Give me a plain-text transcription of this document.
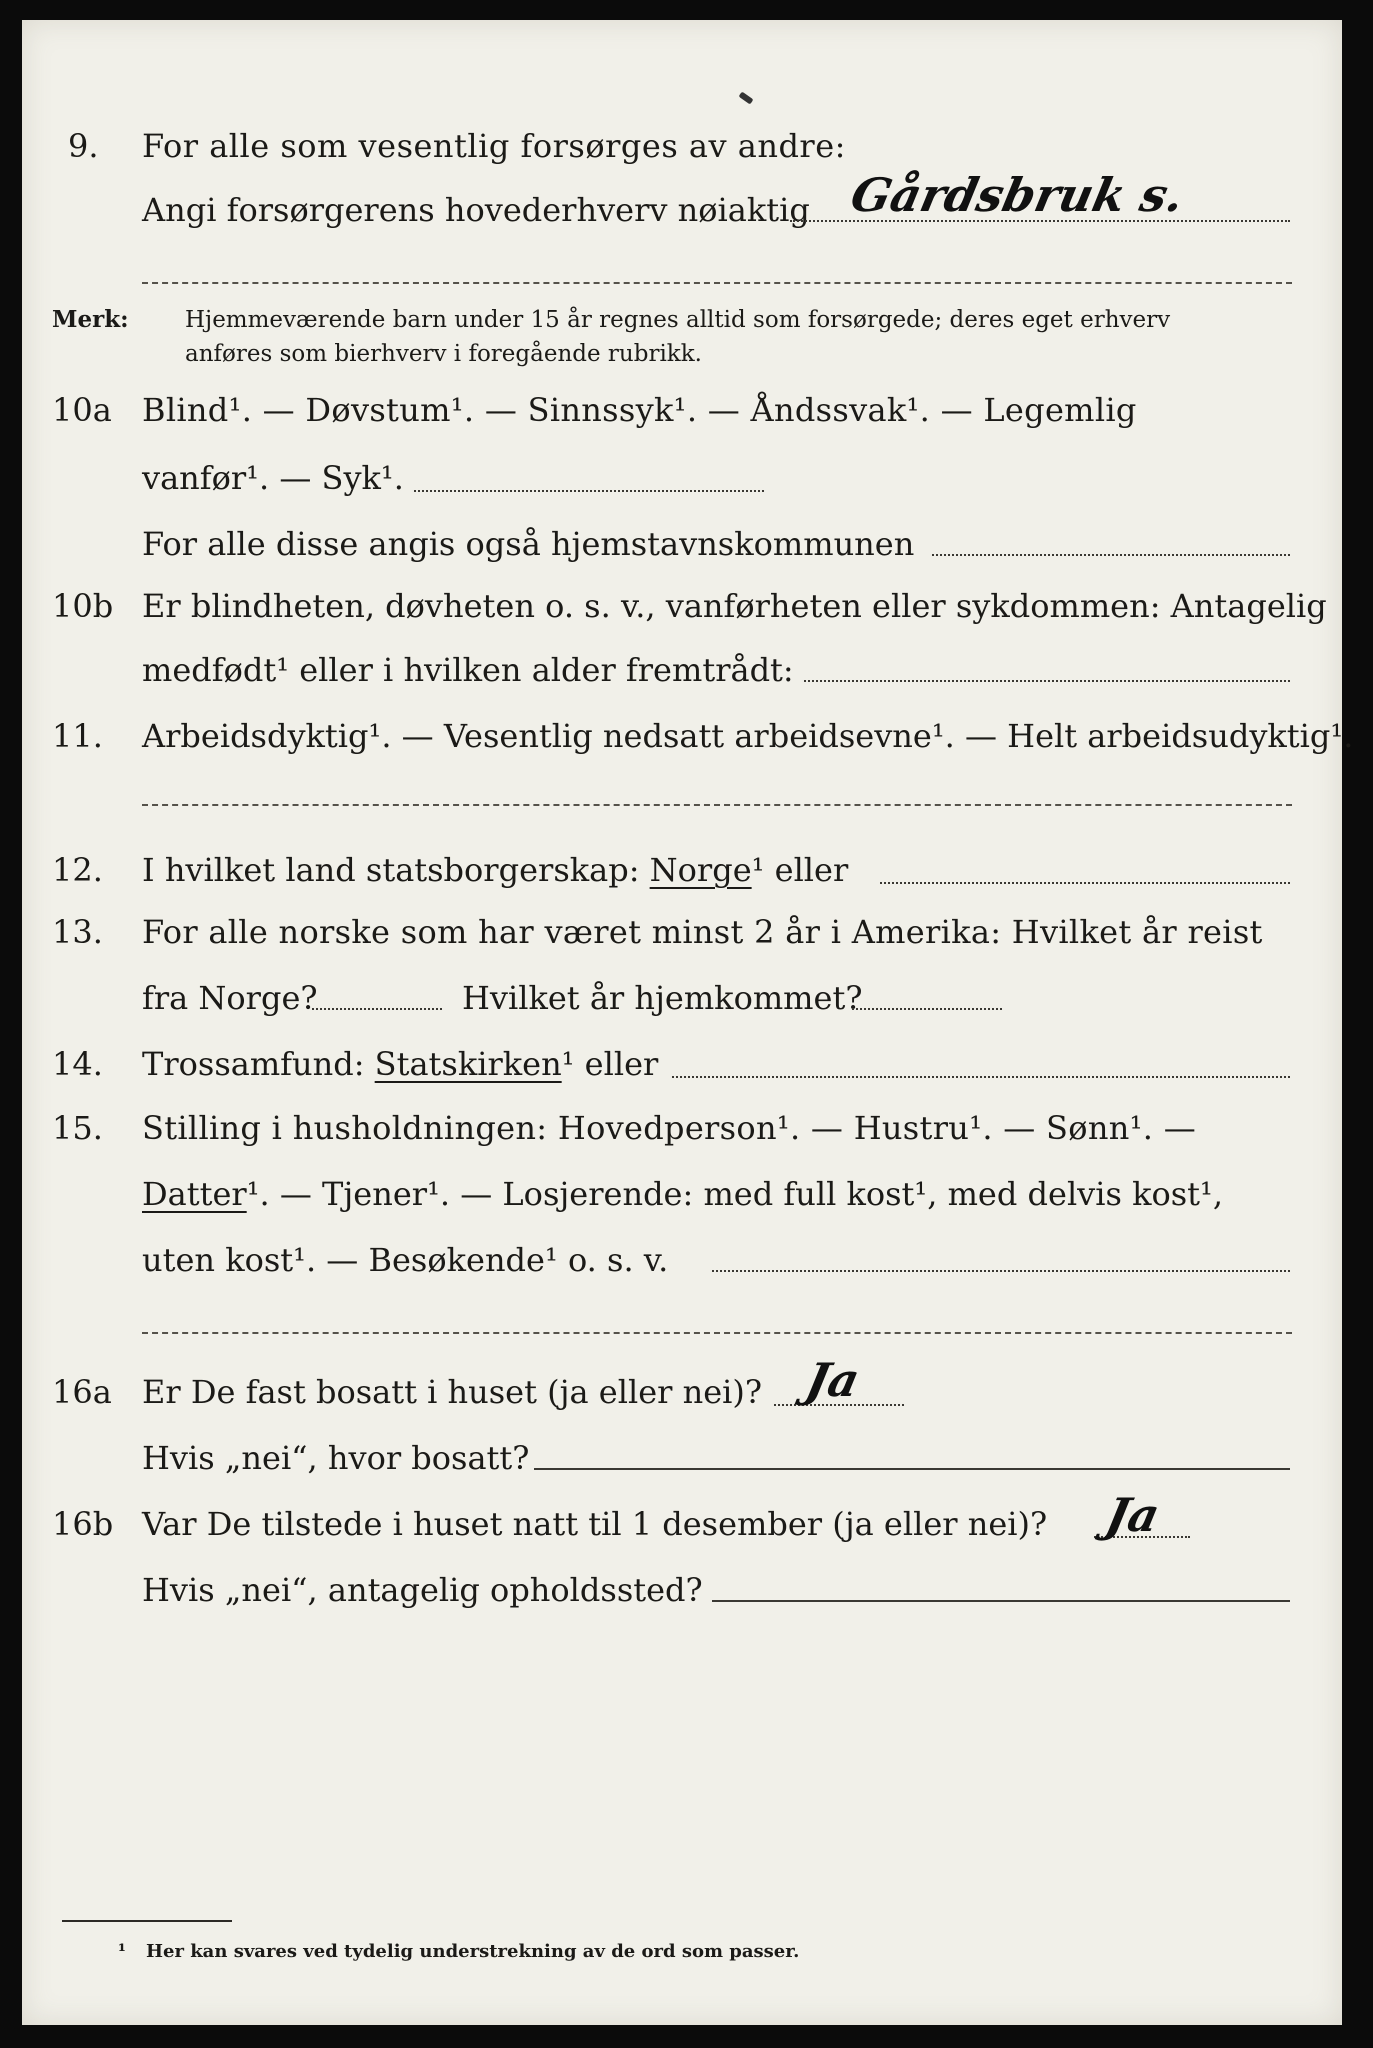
9. For alle som vesentlig forsørges av andre:
Angi forsørgerens hovederhverv nøiaktig Gårdsbruk s.
Merk: Hjemmeværende barn under 15 år regnes alltid som forsørgede; deres eget erhverv
anføres som bierhverv i foregående rubrikk.
10a Blind¹. — Døvstum¹. — Sinnssyk¹. — Åndssvak¹. — Legemlig
vanfør¹. — Syk¹.
For alle disse angis også hjemstavnskommunen
10b Er blindheten, døvheten o. s. v., vanførheten eller sykdommen: Antagelig
medfødt¹ eller i hvilken alder fremtrådt:
11. Arbeidsdyktig¹. — Vesentlig nedsatt arbeidsevne¹. — Helt arbeidsudyktig¹.
12. I hvilket land statsborgerskap: Norge¹ eller
13. For alle norske som har været minst 2 år i Amerika: Hvilket år reist
fra Norge?	Hvilket år hjemkommet?
14. Trossamfund: Statskirken¹ eller
15. Stilling i husholdningen: Hovedperson¹. — Hustru¹. — Sønn¹. —
Datter¹. — Tjener¹. — Losjerende: med full kost¹, med delvis kost¹,
uten kost¹. — Besøkende¹ o. s. v.
16a Er De fast bosatt i huset (ja eller nei)? Ja
Hvis „nei“, hvor bosatt?
16b Var De tilstede i huset natt til 1 desember (ja eller nei)? Ja
Hvis „nei“, antagelig opholdssted?
¹ Her kan svares ved tydelig understrekning av de ord som passer.
